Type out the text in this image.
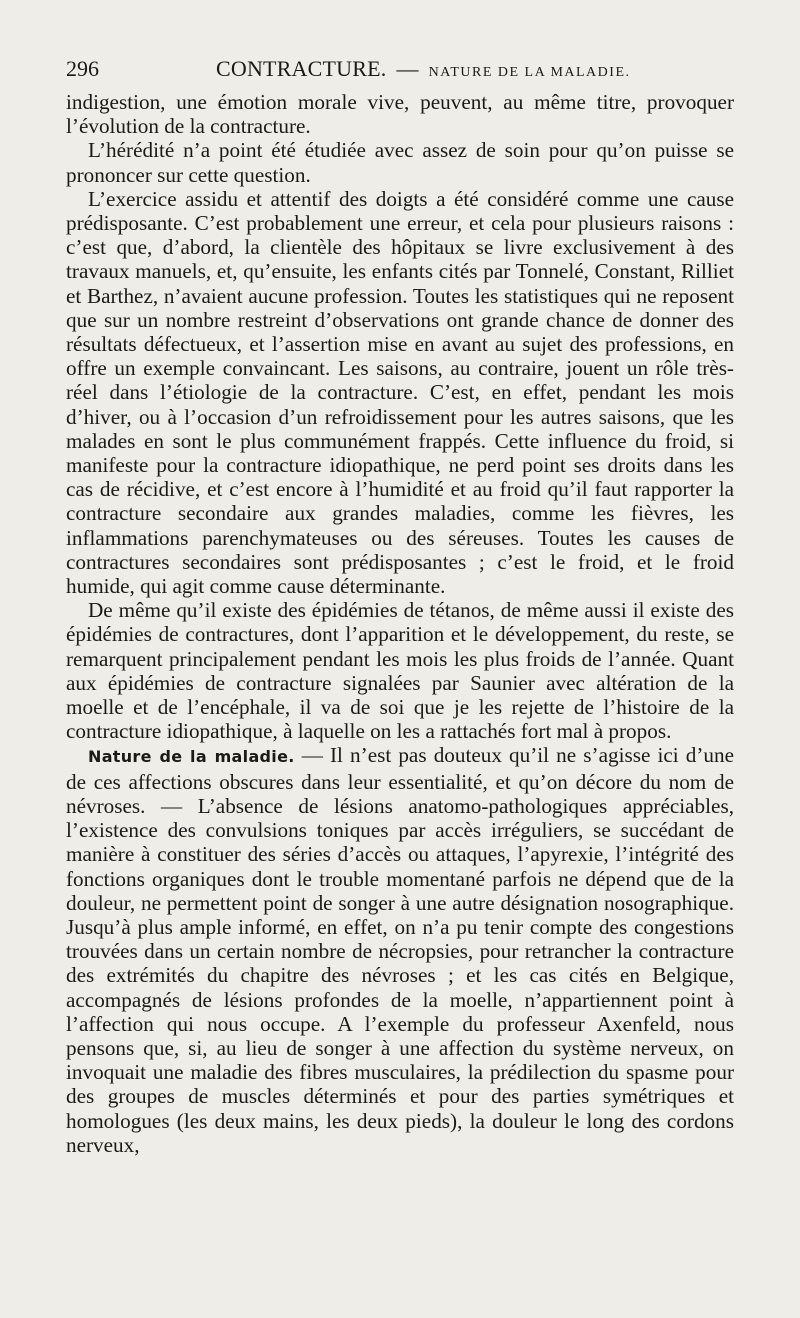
296	CONTRACTURE. — NATURE DE LA MALADIE.

indigestion, une émotion morale vive, peuvent, au même titre, provoquer l’évolution de la contracture.

L’hérédité n’a point été étudiée avec assez de soin pour qu’on puisse se prononcer sur cette question.

L’exercice assidu et attentif des doigts a été considéré comme une cause prédisposante. C’est probablement une erreur, et cela pour plusieurs raisons : c’est que, d’abord, la clientèle des hôpitaux se livre exclusivement à des travaux manuels, et, qu’ensuite, les enfants cités par Tonnelé, Constant, Rilliet et Barthez, n’avaient aucune profession. Toutes les statistiques qui ne reposent que sur un nombre restreint d’observations ont grande chance de donner des résultats défectueux, et l’assertion mise en avant au sujet des professions, en offre un exemple convaincant. Les saisons, au contraire, jouent un rôle très-réel dans l’étiologie de la contracture. C’est, en effet, pendant les mois d’hiver, ou à l’occasion d’un refroidissement pour les autres saisons, que les malades en sont le plus communément frappés. Cette influence du froid, si manifeste pour la contracture idiopathique, ne perd point ses droits dans les cas de récidive, et c’est encore à l’humidité et au froid qu’il faut rapporter la contracture secondaire aux grandes maladies, comme les fièvres, les inflammations parenchymateuses ou des séreuses. Toutes les causes de contractures secondaires sont prédisposantes ; c’est le froid, et le froid humide, qui agit comme cause déterminante.

De même qu’il existe des épidémies de tétanos, de même aussi il existe des épidémies de contractures, dont l’apparition et le développement, du reste, se remarquent principalement pendant les mois les plus froids de l’année. Quant aux épidémies de contracture signalées par Saunier avec altération de la moelle et de l’encéphale, il va de soi que je les rejette de l’histoire de la contracture idiopathique, à laquelle on les a rattachés fort mal à propos.

Nature de la maladie. — Il n’est pas douteux qu’il ne s’agisse ici d’une de ces affections obscures dans leur essentialité, et qu’on décore du nom de névroses. — L’absence de lésions anatomo-pathologiques appréciables, l’existence des convulsions toniques par accès irréguliers, se succédant de manière à constituer des séries d’accès ou attaques, l’apyrexie, l’intégrité des fonctions organiques dont le trouble momentané parfois ne dépend que de la douleur, ne permettent point de songer à une autre désignation nosographique. Jusqu’à plus ample informé, en effet, on n’a pu tenir compte des congestions trouvées dans un certain nombre de nécropsies, pour retrancher la contracture des extrémités du chapitre des névroses ; et les cas cités en Belgique, accompagnés de lésions profondes de la moelle, n’appartiennent point à l’affection qui nous occupe. A l’exemple du professeur Axenfeld, nous pensons que, si, au lieu de songer à une affection du système nerveux, on invoquait une maladie des fibres musculaires, la prédilection du spasme pour des groupes de muscles déterminés et pour des parties symétriques et homologues (les deux mains, les deux pieds), la douleur le long des cordons nerveux,
